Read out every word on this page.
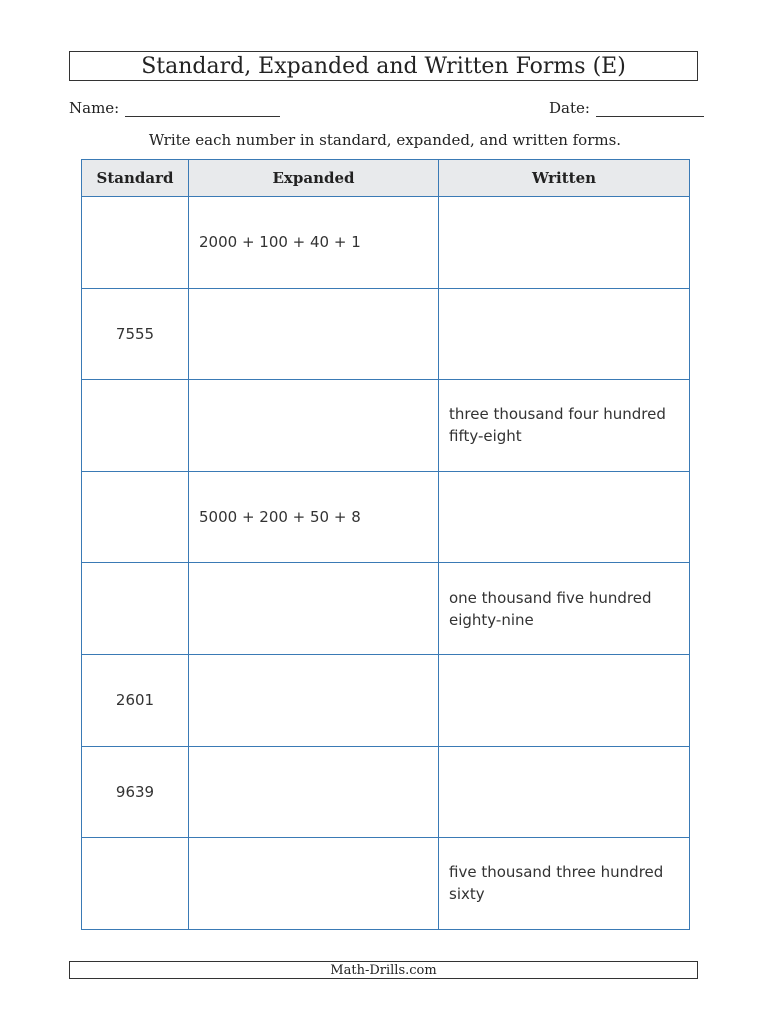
Standard, Expanded and Written Forms (E)
Name:	Date:
Write each number in standard, expanded, and written forms.
Standard	Expanded	Written
	2000 + 100 + 40 + 1	
7555		
		three thousand four hundred fifty-eight
	5000 + 200 + 50 + 8	
		one thousand five hundred eighty-nine
2601		
9639		
		five thousand three hundred sixty
Math-Drills.com
